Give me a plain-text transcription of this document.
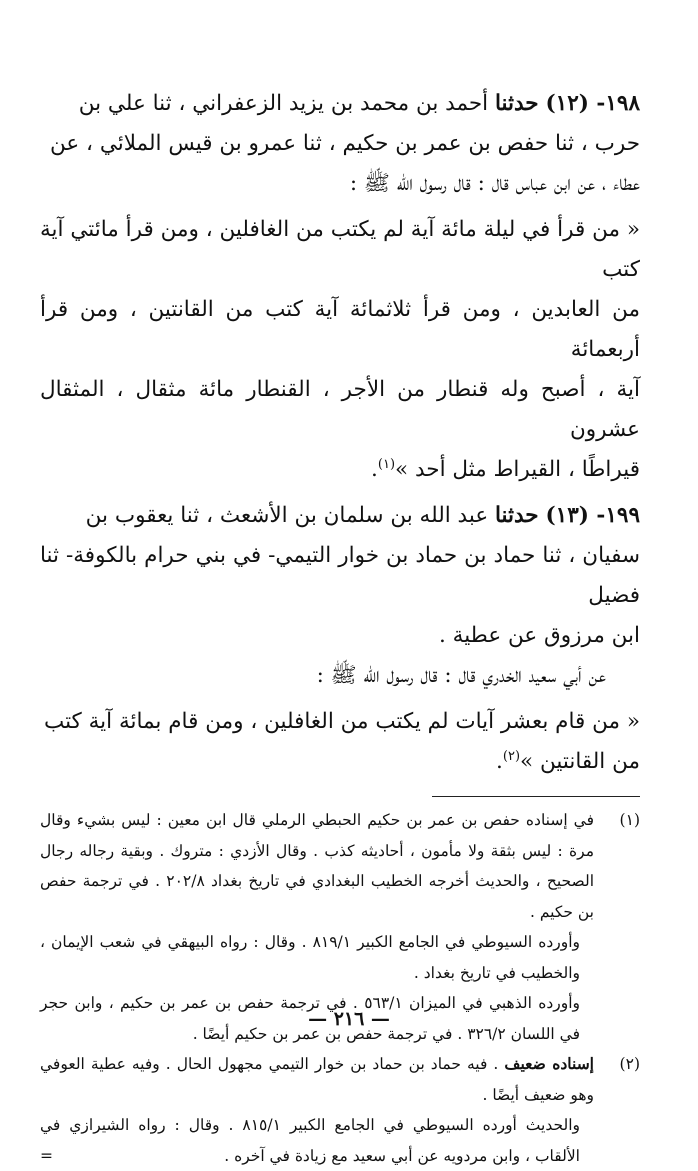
١٩٨- (١٢) حدثنا أحمد بن محمد بن يزيد الزعفراني ، ثنا علي بن

حرب ، ثنا حفص بن عمر بن حكيم ، ثنا عمرو بن قيس الملائي ، عن

عطاء ، عن ابن عباس قال : قال رسول الله ﷺ :

« من قرأ في ليلة مائة آية لم يكتب من الغافلين ، ومن قرأ مائتي آية كتب

من العابدين ، ومن قرأ ثلاثمائة آية كتب من القانتين ، ومن قرأ أربعمائة

آية ، أصبح وله قنطار من الأجر ، القنطار مائة مثقال ، المثقال عشرون

قيراطًا ، القيراط مثل أحد »$^{(١)}$.

١٩٩- (١٣) حدثنا عبد الله بن سلمان بن الأشعث ، ثنا يعقوب بن

سفيان ، ثنا حماد بن حماد بن خوار التيمي- في بني حرام بالكوفة- ثنا فضيل

ابن مرزوق عن عطية .

عن أبي سعيد الخدري قال : قال رسول الله ﷺ :

« من قام بعشر آيات لم يكتب من الغافلين ، ومن قام بمائة آية كتب

من القانتين »$^{(٢)}$.

(١)

في إسناده حفص بن عمر بن حكيم الحبطي الرملي قال ابن معين : ليس بشيء وقال مرة : ليس بثقة ولا مأمون ، أحاديثه كذب . وقال الأزدي : متروك . وبقية رجاله رجال الصحيح ، والحديث أخرجه الخطيب البغدادي في تاريخ بغداد ٢٠٢/٨ . في ترجمة حفص بن حكيم .

وأورده السيوطي في الجامع الكبير ٨١٩/١ . وقال : رواه البيهقي في شعب الإيمان ، والخطيب في تاريخ بغداد .

وأورده الذهبي في الميزان ٥٦٣/١ . في ترجمة حفص بن عمر بن حكيم ، وابن حجر في اللسان ٣٢٦/٢ . في ترجمة حفص بن عمر بن حكيم أيضًا .

(٢)

إسناده ضعيف . فيه حماد بن حماد بن خوار التيمي مجهول الحال . وفيه عطية العوفي وهو ضعيف أيضًا .

والحديث أورده السيوطي في الجامع الكبير ٨١٥/١ . وقال : رواه الشيرازي في الألقاب ، وابن مردويه عن أبي سعيد مع زيادة في آخره .
=

— ٢١٦ —
